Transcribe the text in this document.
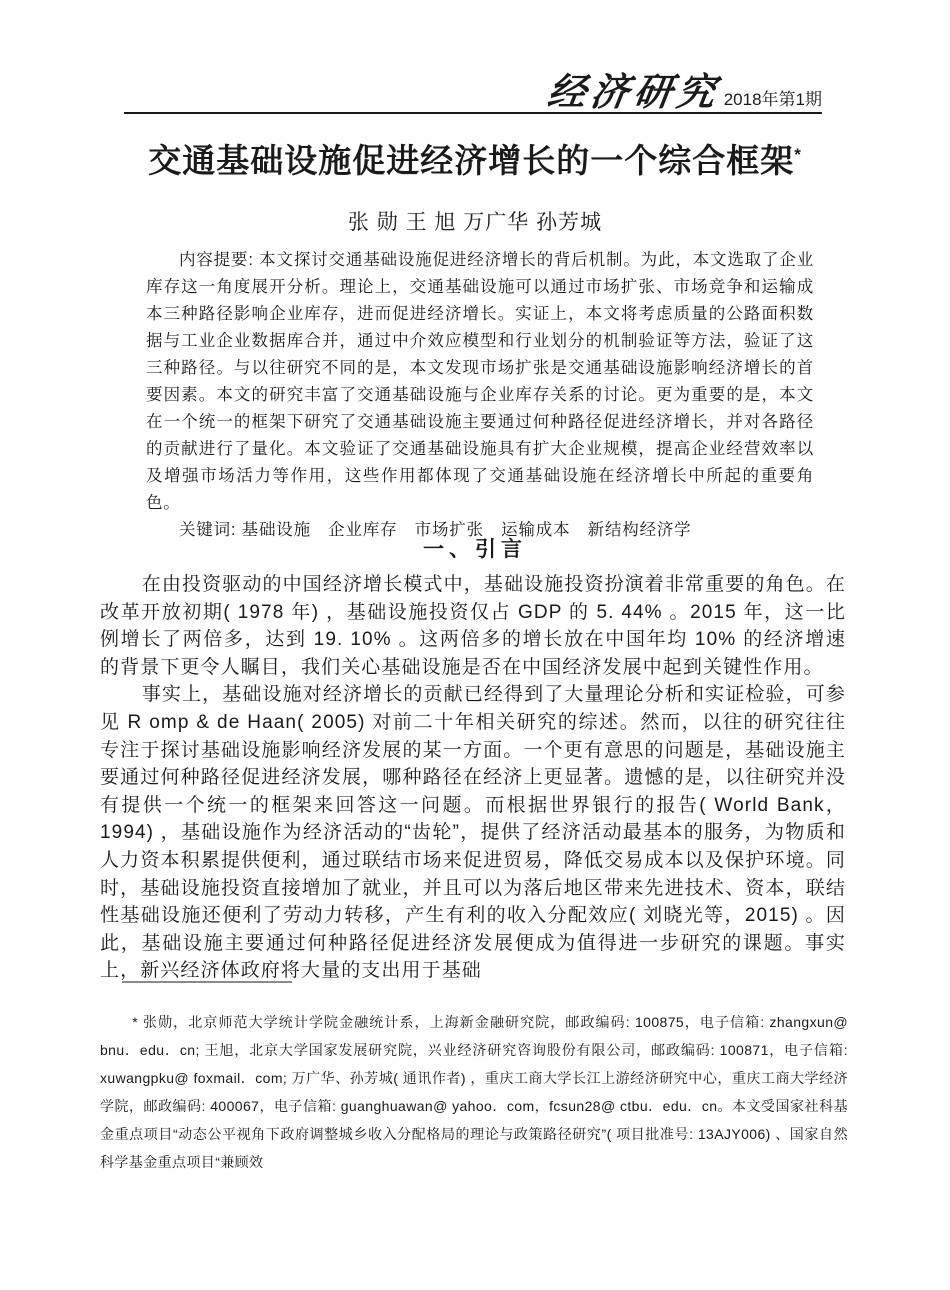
经济研究 2018年第1期
交通基础设施促进经济增长的一个综合框架*
张 勋 王 旭 万广华 孙芳城

内容提要: 本文探讨交通基础设施促进经济增长的背后机制。为此，本文选取了企业库存这一角度展开分析。理论上，交通基础设施可以通过市场扩张、市场竞争和运输成本三种路径影响企业库存，进而促进经济增长。实证上，本文将考虑质量的公路面积数据与工业企业数据库合并，通过中介效应模型和行业划分的机制验证等方法，验证了这三种路径。与以往研究不同的是，本文发现市场扩张是交通基础设施影响经济增长的首要因素。本文的研究丰富了交通基础设施与企业库存关系的讨论。更为重要的是，本文在一个统一的框架下研究了交通基础设施主要通过何种路径促进经济增长，并对各路径的贡献进行了量化。本文验证了交通基础设施具有扩大企业规模，提高企业经营效率以及增强市场活力等作用，这些作用都体现了交通基础设施在经济增长中所起的重要角色。

关键词: 基础设施　企业库存　市场扩张　运输成本　新结构经济学

一、引言

在由投资驱动的中国经济增长模式中，基础设施投资扮演着非常重要的角色。在改革开放初期( 1978 年) ，基础设施投资仅占 GDP 的 5. 44% 。2015 年，这一比例增长了两倍多，达到 19. 10% 。这两倍多的增长放在中国年均 10% 的经济增速的背景下更令人瞩目，我们关心基础设施是否在中国经济发展中起到关键性作用。

事实上，基础设施对经济增长的贡献已经得到了大量理论分析和实证检验，可参见 R omp & de Haan( 2005) 对前二十年相关研究的综述。然而，以往的研究往往专注于探讨基础设施影响经济发展的某一方面。一个更有意思的问题是，基础设施主要通过何种路径促进经济发展，哪种路径在经济上更显著。遗憾的是，以往研究并没有提供一个统一的框架来回答这一问题。而根据世界银行的报告( World Bank，1994) ，基础设施作为经济活动的“齿轮”，提供了经济活动最基本的服务，为物质和人力资本积累提供便利，通过联结市场来促进贸易，降低交易成本以及保护环境。同时，基础设施投资直接增加了就业，并且可以为落后地区带来先进技术、资本，联结性基础设施还便利了劳动力转移，产生有利的收入分配效应( 刘晓光等，2015) 。因此，基础设施主要通过何种路径促进经济发展便成为值得进一步研究的课题。事实上，新兴经济体政府将大量的支出用于基础

* 张勋，北京师范大学统计学院金融统计系，上海新金融研究院，邮政编码: 100875，电子信箱: zhangxun@ bnu．edu．cn; 王旭，北京大学国家发展研究院，兴业经济研究咨询股份有限公司，邮政编码: 100871，电子信箱: xuwangpku@ foxmail．com; 万广华、孙芳城( 通讯作者) ，重庆工商大学长江上游经济研究中心，重庆工商大学经济学院，邮政编码: 400067，电子信箱: guanghuawan@ yahoo．com，fcsun28@ ctbu．edu．cn。本文受国家社科基金重点项目“动态公平视角下政府调整城乡收入分配格局的理论与政策路径研究”( 项目批准号: 13AJY006) 、国家自然科学基金重点项目“兼顾效
